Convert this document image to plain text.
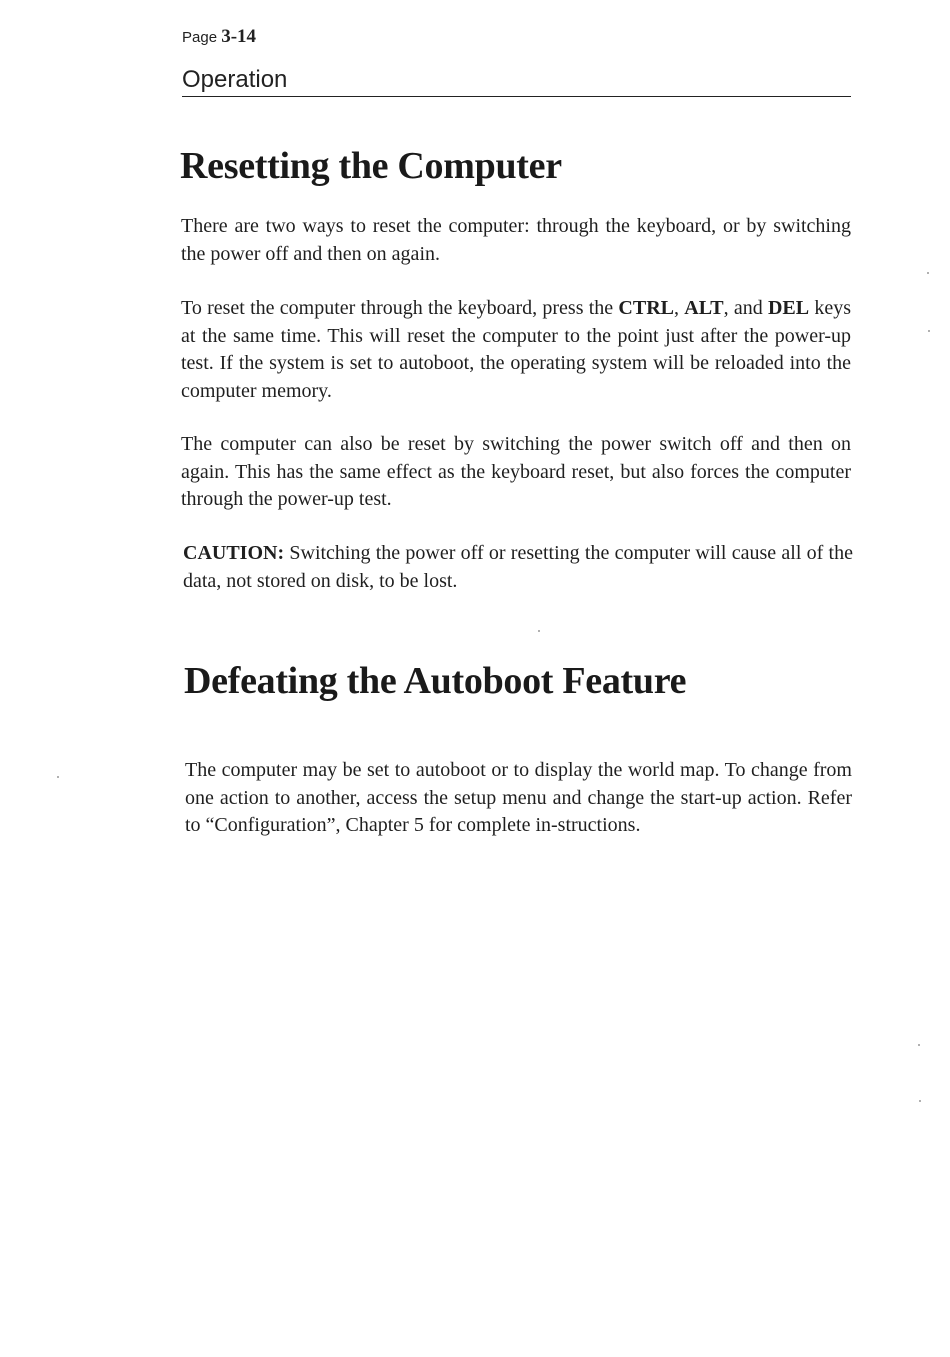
Page 3-14
Operation
Resetting the Computer

There are two ways to reset the computer: through the keyboard, or by switching the power off and then on again.

To reset the computer through the keyboard, press the CTRL, ALT, and DEL keys at the same time. This will reset the computer to the point just after the power-up test. If the system is set to autoboot, the operating system will be reloaded into the computer memory.

The computer can also be reset by switching the power switch off and then on again. This has the same effect as the keyboard reset, but also forces the computer through the power-up test.

CAUTION: Switching the power off or resetting the computer will cause all of the data, not stored on disk, to be lost.

Defeating the Autoboot Feature

The computer may be set to autoboot or to display the world map. To change from one action to another, access the setup menu and change the start-up action. Refer to “Configuration”, Chapter 5 for complete in-structions.
